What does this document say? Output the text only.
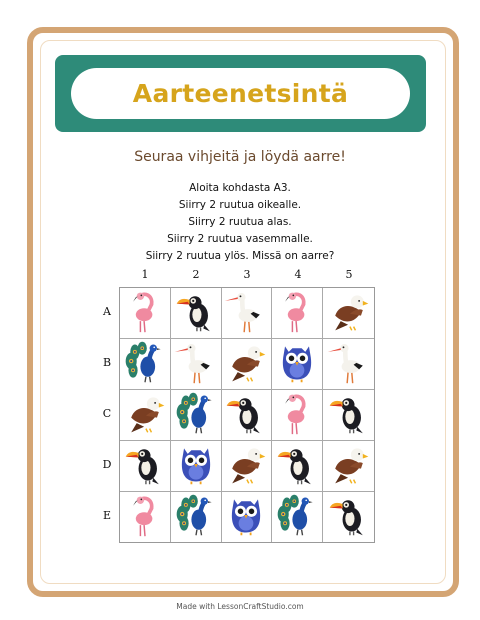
Aarteenetsintä
Seuraa vihjeitä ja löydä aarre!
Aloita kohdasta A3.
Siirry 2 ruutua oikealle.
Siirry 2 ruutua alas.
Siirry 2 ruutua vasemmalle.
Siirry 2 ruutua ylös. Missä on aarre?
1	2	3	4	5
A
B
C
D
E
Made with LessonCraftStudio.com
